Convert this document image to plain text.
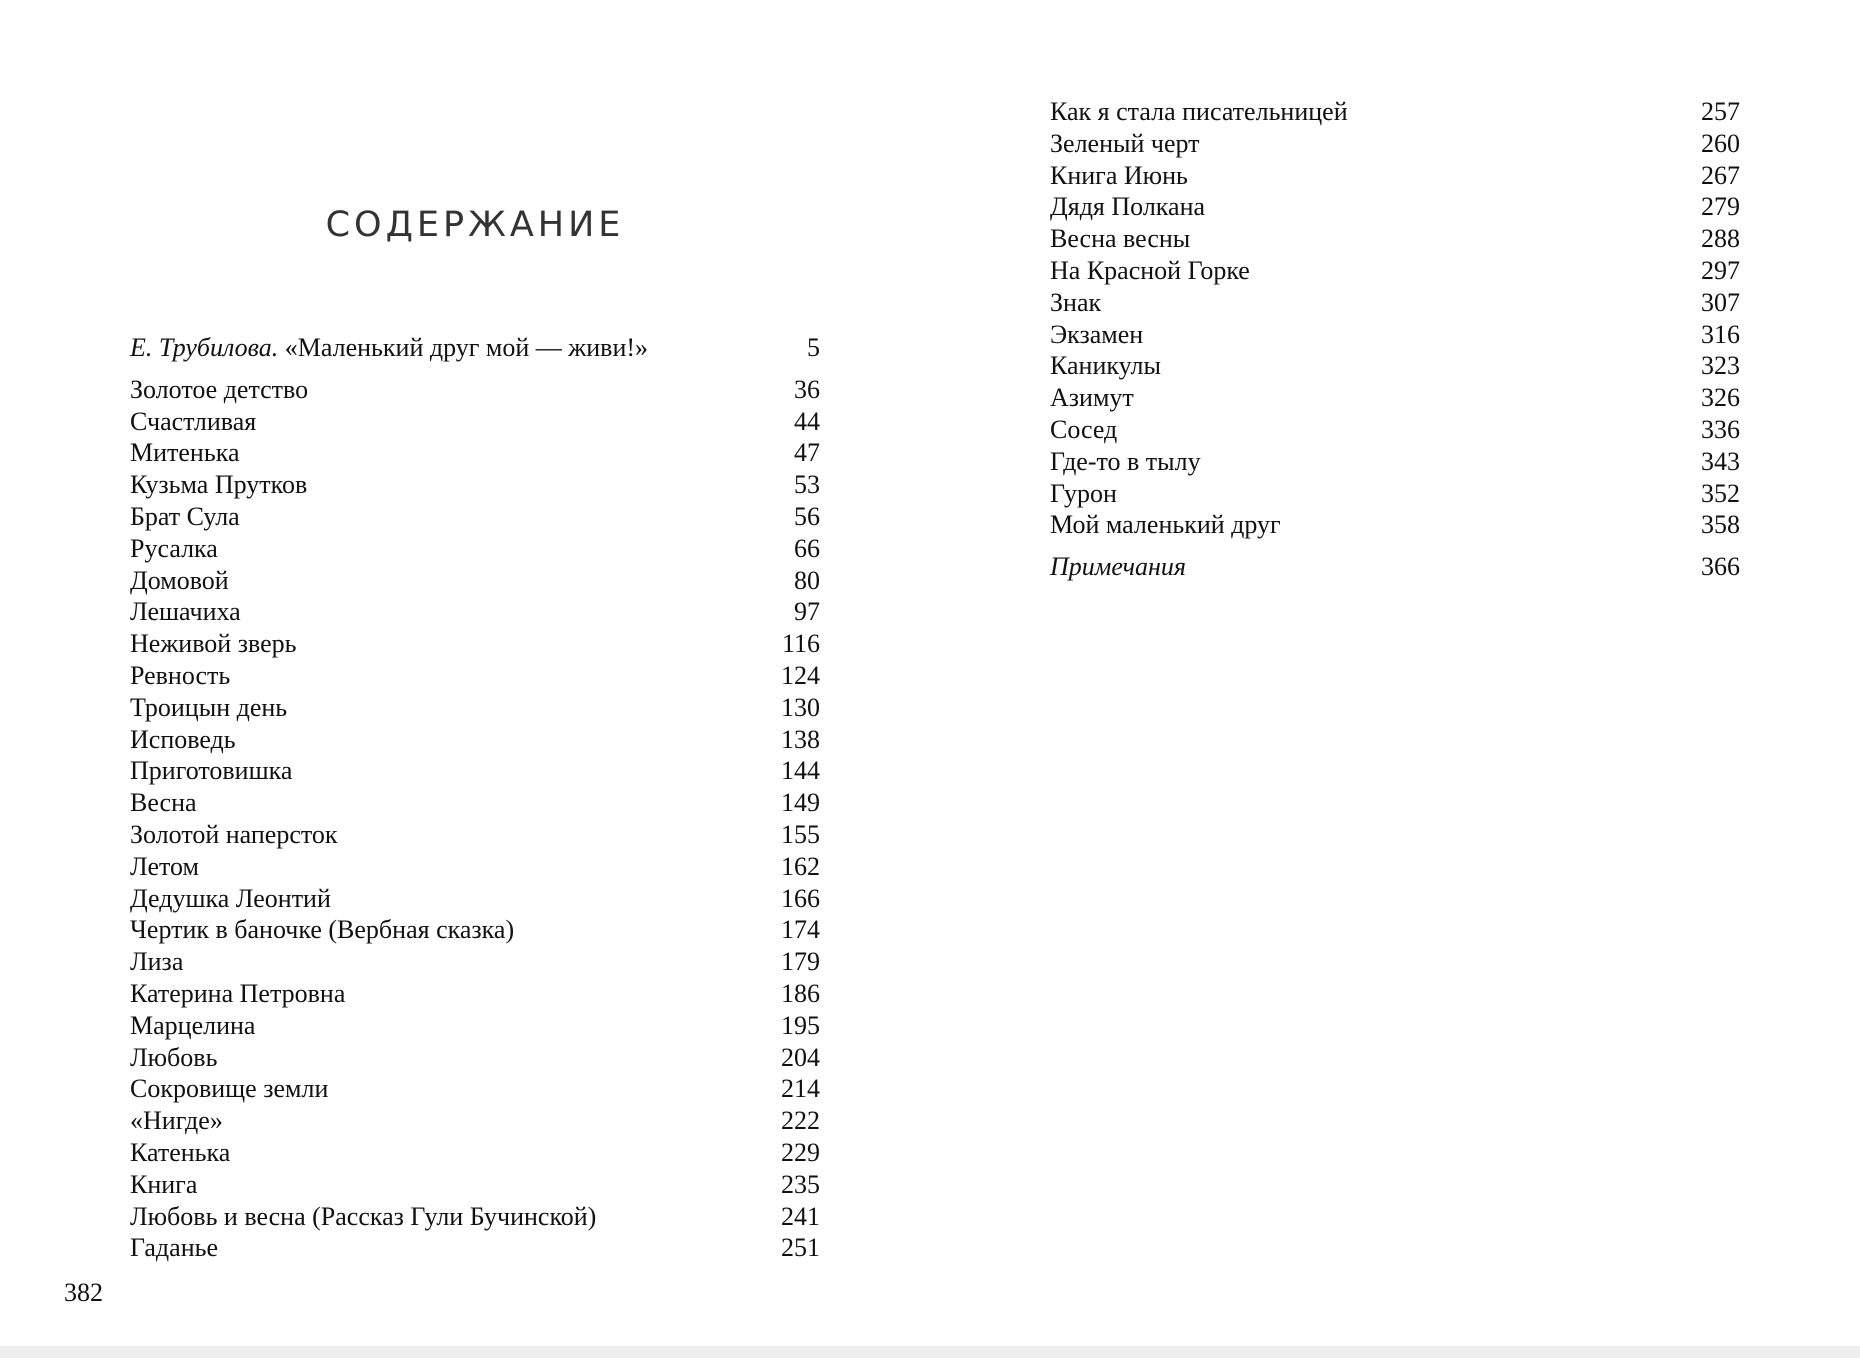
СОДЕРЖАНИЕ
Е. Трубилова. «Маленький друг мой — живи!»	5
Золотое детство	36
Счастливая	44
Митенька	47
Кузьма Прутков	53
Брат Сула	56
Русалка	66
Домовой	80
Лешачиха	97
Неживой зверь	116
Ревность	124
Троицын день	130
Исповедь	138
Приготовишка	144
Весна	149
Золотой наперсток	155
Летом	162
Дедушка Леонтий	166
Чертик в баночке (Вербная сказка)	174
Лиза	179
Катерина Петровна	186
Марцелина	195
Любовь	204
Сокровище земли	214
«Нигде»	222
Катенька	229
Книга	235
Любовь и весна (Рассказ Гули Бучинской)	241
Гаданье	251
Как я стала писательницей	257
Зеленый черт	260
Книга Июнь	267
Дядя Полкана	279
Весна весны	288
На Красной Горке	297
Знак	307
Экзамен	316
Каникулы	323
Азимут	326
Сосед	336
Где-то в тылу	343
Гурон	352
Мой маленький друг	358
Примечания	366
382
